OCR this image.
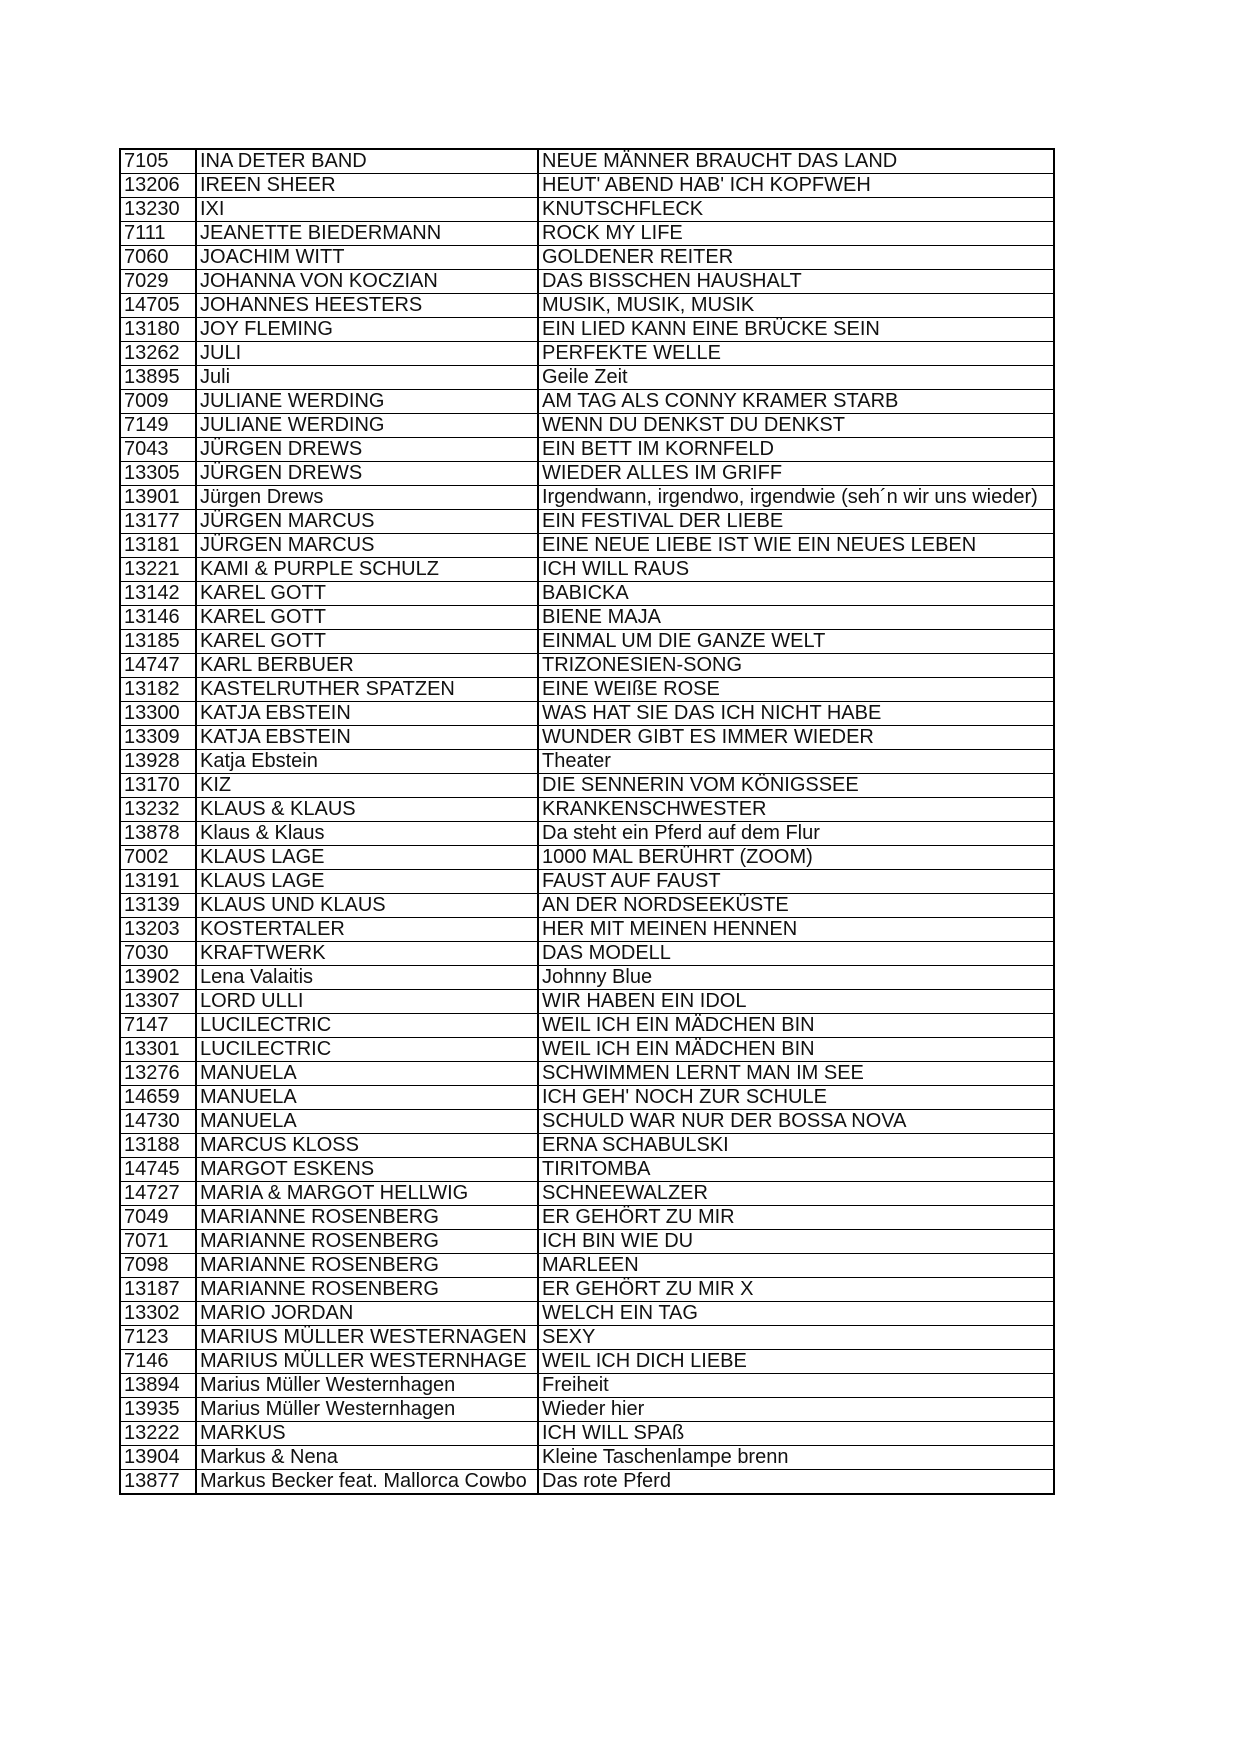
7105	INA DETER BAND	NEUE MÄNNER BRAUCHT DAS LAND
13206	IREEN SHEER	HEUT' ABEND HAB' ICH KOPFWEH
13230	IXI	KNUTSCHFLECK
7111	JEANETTE BIEDERMANN	ROCK MY LIFE
7060	JOACHIM WITT	GOLDENER REITER
7029	JOHANNA VON KOCZIAN	DAS BISSCHEN HAUSHALT
14705	JOHANNES HEESTERS	MUSIK, MUSIK, MUSIK
13180	JOY FLEMING	EIN LIED KANN EINE BRÜCKE SEIN
13262	JULI	PERFEKTE WELLE
13895	Juli	Geile Zeit
7009	JULIANE WERDING	AM TAG ALS CONNY KRAMER STARB
7149	JULIANE WERDING	WENN DU DENKST DU DENKST
7043	JÜRGEN DREWS	EIN BETT IM KORNFELD
13305	JÜRGEN DREWS	WIEDER ALLES IM GRIFF
13901	Jürgen Drews	Irgendwann, irgendwo, irgendwie (seh´n wir uns wieder)
13177	JÜRGEN MARCUS	EIN FESTIVAL DER LIEBE
13181	JÜRGEN MARCUS	EINE NEUE LIEBE IST WIE EIN NEUES LEBEN
13221	KAMI & PURPLE SCHULZ	ICH WILL RAUS
13142	KAREL GOTT	BABICKA
13146	KAREL GOTT	BIENE MAJA
13185	KAREL GOTT	EINMAL UM DIE GANZE WELT
14747	KARL BERBUER	TRIZONESIEN-SONG
13182	KASTELRUTHER SPATZEN	EINE WEIßE ROSE
13300	KATJA EBSTEIN	WAS HAT SIE DAS ICH NICHT HABE
13309	KATJA EBSTEIN	WUNDER GIBT ES IMMER WIEDER
13928	Katja Ebstein	Theater
13170	KIZ	DIE SENNERIN VOM KÖNIGSSEE
13232	KLAUS & KLAUS	KRANKENSCHWESTER
13878	Klaus & Klaus	Da steht ein Pferd auf dem Flur
7002	KLAUS LAGE	1000 MAL BERÜHRT (ZOOM)
13191	KLAUS LAGE	FAUST AUF FAUST
13139	KLAUS UND KLAUS	AN DER NORDSEEKÜSTE
13203	KOSTERTALER	HER MIT MEINEN HENNEN
7030	KRAFTWERK	DAS MODELL
13902	Lena Valaitis	Johnny Blue
13307	LORD ULLI	WIR HABEN EIN IDOL
7147	LUCILECTRIC	WEIL ICH EIN MÄDCHEN BIN
13301	LUCILECTRIC	WEIL ICH EIN MÄDCHEN BIN
13276	MANUELA	SCHWIMMEN LERNT MAN IM SEE
14659	MANUELA	ICH GEH' NOCH ZUR SCHULE
14730	MANUELA	SCHULD WAR NUR DER BOSSA NOVA
13188	MARCUS KLOSS	ERNA SCHABULSKI
14745	MARGOT ESKENS	TIRITOMBA
14727	MARIA & MARGOT HELLWIG	SCHNEEWALZER
7049	MARIANNE ROSENBERG	ER GEHÖRT ZU MIR
7071	MARIANNE ROSENBERG	ICH BIN WIE DU
7098	MARIANNE ROSENBERG	MARLEEN
13187	MARIANNE ROSENBERG	ER GEHÖRT ZU MIR X
13302	MARIO JORDAN	WELCH EIN TAG
7123	MARIUS MÜLLER WESTERNAGEN	SEXY
7146	MARIUS MÜLLER WESTERNHAGE	WEIL ICH DICH LIEBE
13894	Marius Müller Westernhagen	Freiheit
13935	Marius Müller Westernhagen	Wieder hier
13222	MARKUS	ICH WILL SPAß
13904	Markus & Nena	Kleine Taschenlampe brenn
13877	Markus Becker feat. Mallorca Cowbo	Das rote Pferd
